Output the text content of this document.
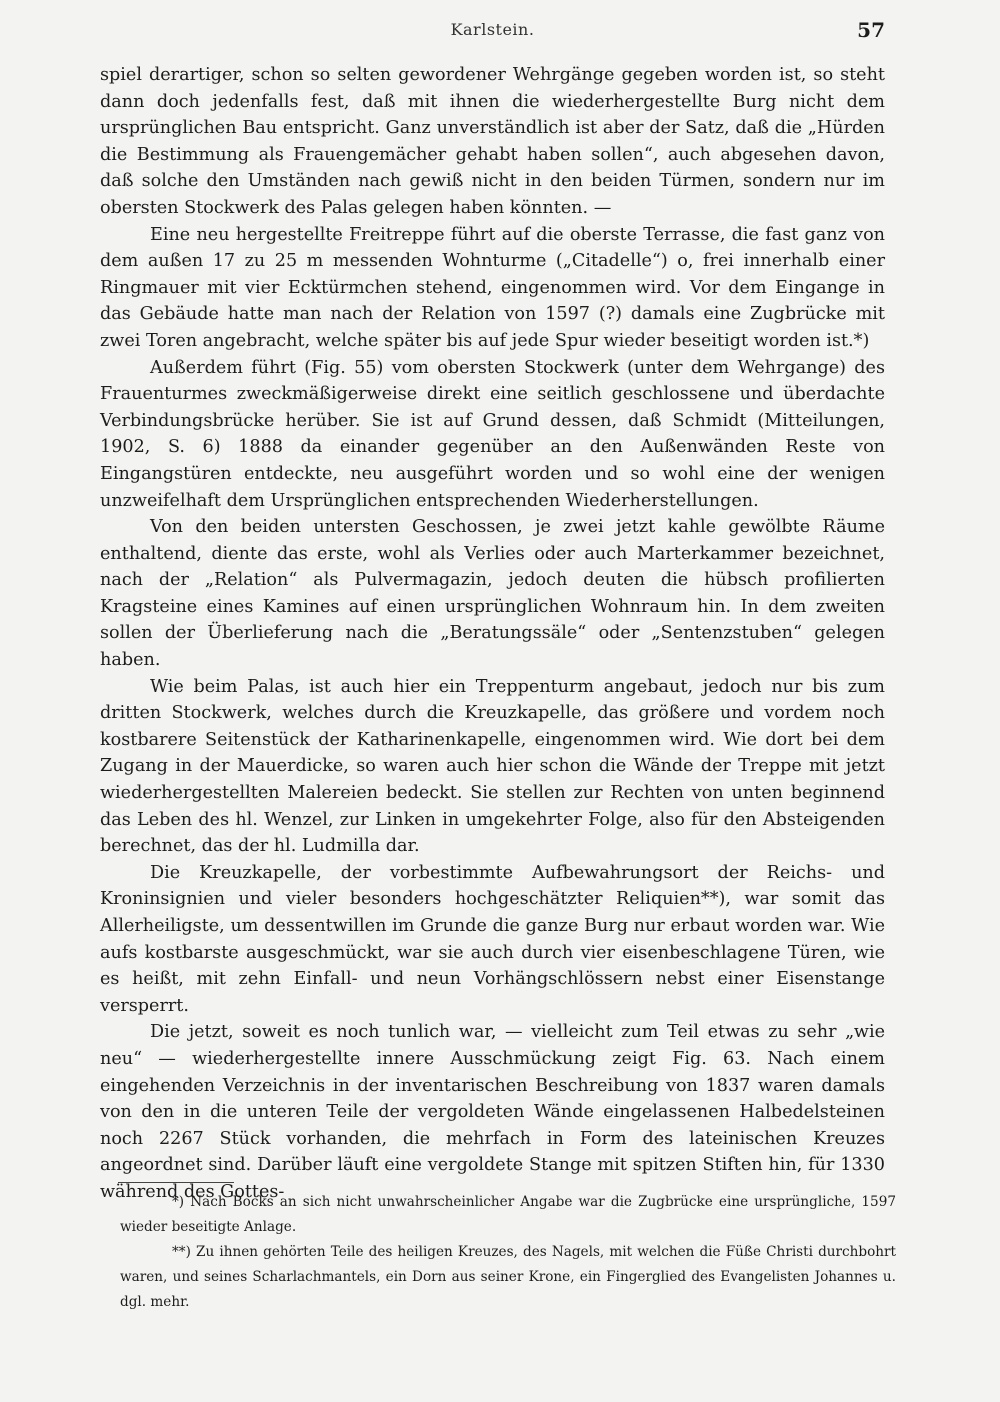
Karlstein.	57

spiel derartiger, schon so selten gewordener Wehrgänge gegeben worden ist, so steht dann doch jedenfalls fest, daß mit ihnen die wiederhergestellte Burg nicht dem ursprünglichen Bau entspricht. Ganz unverständlich ist aber der Satz, daß die „Hürden die Bestimmung als Frauengemächer gehabt haben sollen“, auch abgesehen davon, daß solche den Umständen nach gewiß nicht in den beiden Türmen, sondern nur im obersten Stockwerk des Palas gelegen haben könnten. —

Eine neu hergestellte Freitreppe führt auf die oberste Terrasse, die fast ganz von dem außen 17 zu 25 m messenden Wohnturme („Citadelle“) o, frei innerhalb einer Ringmauer mit vier Ecktürmchen stehend, eingenommen wird. Vor dem Eingange in das Gebäude hatte man nach der Relation von 1597 (?) damals eine Zugbrücke mit zwei Toren angebracht, welche später bis auf jede Spur wieder beseitigt worden ist.*)

Außerdem führt (Fig. 55) vom obersten Stockwerk (unter dem Wehrgange) des Frauenturmes zweckmäßigerweise direkt eine seitlich geschlossene und überdachte Verbindungsbrücke herüber. Sie ist auf Grund dessen, daß Schmidt (Mitteilungen, 1902, S. 6) 1888 da einander gegenüber an den Außenwänden Reste von Eingangstüren entdeckte, neu ausgeführt worden und so wohl eine der wenigen unzweifelhaft dem Ursprünglichen entsprechenden Wiederherstellungen.

Von den beiden untersten Geschossen, je zwei jetzt kahle gewölbte Räume enthaltend, diente das erste, wohl als Verlies oder auch Marterkammer bezeichnet, nach der „Relation“ als Pulvermagazin, jedoch deuten die hübsch profilierten Kragsteine eines Kamines auf einen ursprünglichen Wohnraum hin. In dem zweiten sollen der Überlieferung nach die „Beratungssäle“ oder „Sentenzstuben“ gelegen haben.

Wie beim Palas, ist auch hier ein Treppenturm angebaut, jedoch nur bis zum dritten Stockwerk, welches durch die Kreuzkapelle, das größere und vordem noch kostbarere Seitenstück der Katharinenkapelle, eingenommen wird. Wie dort bei dem Zugang in der Mauerdicke, so waren auch hier schon die Wände der Treppe mit jetzt wiederhergestellten Malereien bedeckt. Sie stellen zur Rechten von unten beginnend das Leben des hl. Wenzel, zur Linken in umgekehrter Folge, also für den Absteigenden berechnet, das der hl. Ludmilla dar.

Die Kreuzkapelle, der vorbestimmte Aufbewahrungsort der Reichs- und Kroninsignien und vieler besonders hochgeschätzter Reliquien**), war somit das Allerheiligste, um dessentwillen im Grunde die ganze Burg nur erbaut worden war. Wie aufs kostbarste ausgeschmückt, war sie auch durch vier eisenbeschlagene Türen, wie es heißt, mit zehn Einfall- und neun Vorhängschlössern nebst einer Eisenstange versperrt.

Die jetzt, soweit es noch tunlich war, — vielleicht zum Teil etwas zu sehr „wie neu“ — wiederhergestellte innere Ausschmückung zeigt Fig. 63. Nach einem eingehenden Verzeichnis in der inventarischen Beschreibung von 1837 waren damals von den in die unteren Teile der vergoldeten Wände eingelassenen Halbedelsteinen noch 2267 Stück vorhanden, die mehrfach in Form des lateinischen Kreuzes angeordnet sind. Darüber läuft eine vergoldete Stange mit spitzen Stiften hin, für 1330 während des Gottes-

*) Nach Bocks an sich nicht unwahrscheinlicher Angabe war die Zugbrücke eine ursprüngliche, 1597 wieder beseitigte Anlage.

**) Zu ihnen gehörten Teile des heiligen Kreuzes, des Nagels, mit welchen die Füße Christi durchbohrt waren, und seines Scharlachmantels, ein Dorn aus seiner Krone, ein Fingerglied des Evangelisten Johannes u. dgl. mehr.
